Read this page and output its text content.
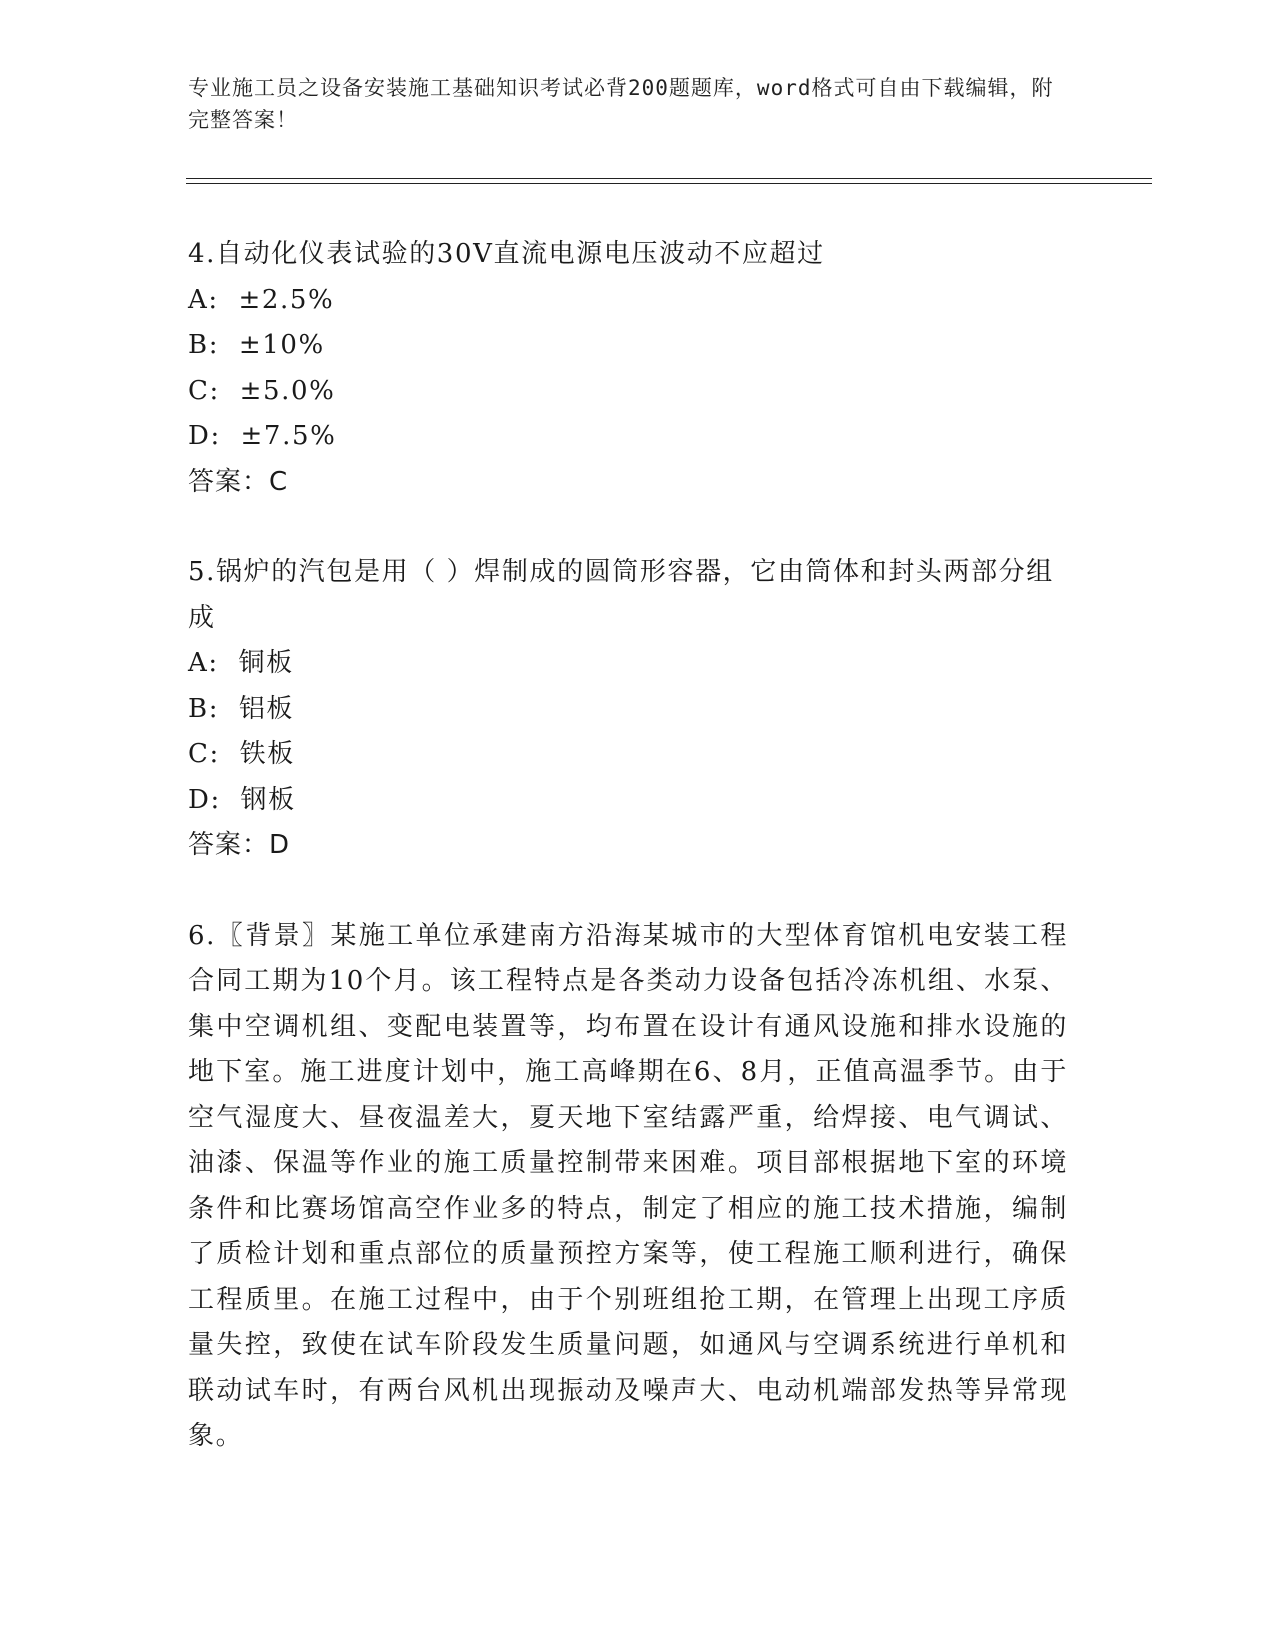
专业施工员之设备安装施工基础知识考试必背200题题库，word格式可自由下载编辑，附完整答案！

4.自动化仪表试验的30V直流电源电压波动不应超过

A: ±2.5%

B: ±10%

C: ±5.0%

D: ±7.5%

答案：C

5.锅炉的汽包是用（ ）焊制成的圆筒形容器，它由筒体和封头两部分组成

A: 铜板

B: 铝板

C: 铁板

D: 钢板

答案：D

6.〖背景〗某施工单位承建南方沿海某城市的大型体育馆机电安装工程合同工期为10个月。该工程特点是各类动力设备包括冷冻机组、水泵、集中空调机组、变配电装置等，均布置在设计有通风设施和排水设施的地下室。施工进度计划中，施工高峰期在6、8月，正值高温季节。由于空气湿度大、昼夜温差大，夏天地下室结露严重，给焊接、电气调试、油漆、保温等作业的施工质量控制带来困难。项目部根据地下室的环境条件和比赛场馆高空作业多的特点，制定了相应的施工技术措施，编制了质检计划和重点部位的质量预控方案等，使工程施工顺利进行，确保工程质里。在施工过程中，由于个别班组抢工期，在管理上出现工序质量失控，致使在试车阶段发生质量问题，如通风与空调系统进行单机和联动试车时，有两台风机出现振动及噪声大、电动机端部发热等异常现象。
